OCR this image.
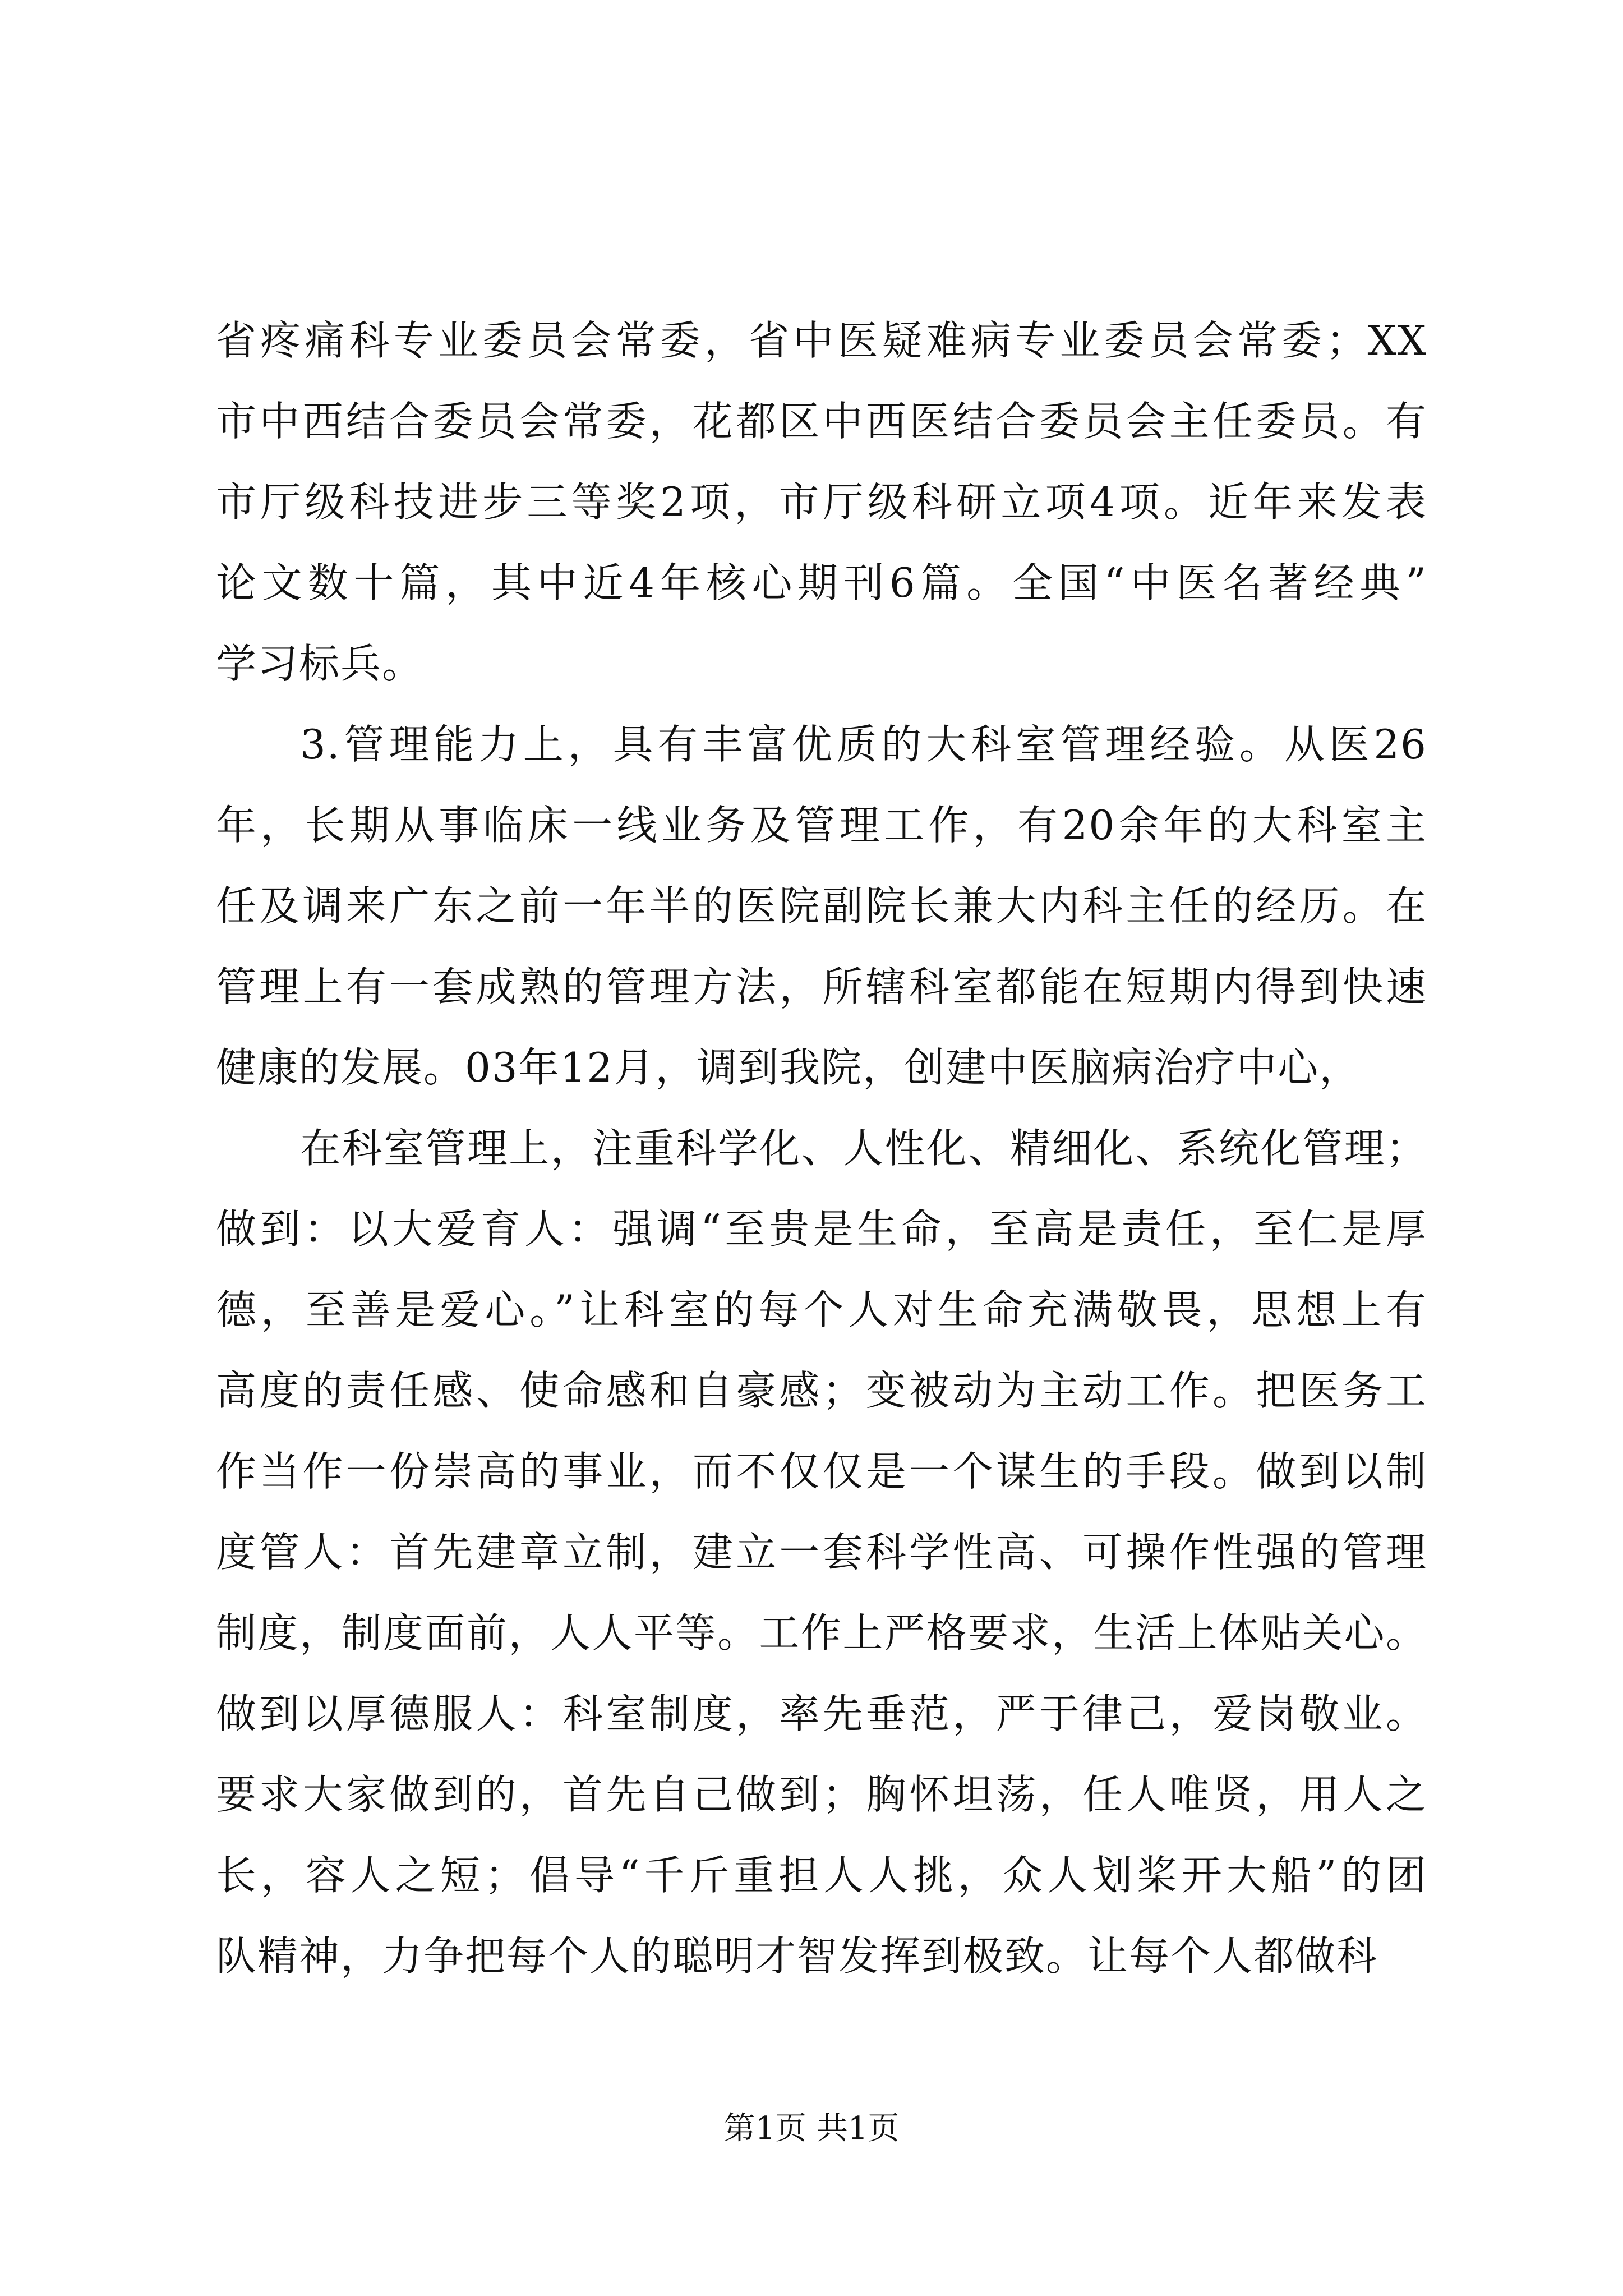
省疼痛科专业委员会常委，省中医疑难病专业委员会常委；XX
市中西结合委员会常委，花都区中西医结合委员会主任委员。有
市厅级科技进步三等奖2项，市厅级科研立项4项。近年来发表
论文数十篇，其中近4年核心期刊6篇。全国“中医名著经典”
学习标兵。
3.管理能力上，具有丰富优质的大科室管理经验。从医26
年，长期从事临床一线业务及管理工作，有20余年的大科室主
任及调来广东之前一年半的医院副院长兼大内科主任的经历。在
管理上有一套成熟的管理方法，所辖科室都能在短期内得到快速
健康的发展。03年12月，调到我院，创建中医脑病治疗中心，
在科室管理上，注重科学化、人性化、精细化、系统化管理；
做到：以大爱育人：强调“至贵是生命，至高是责任，至仁是厚
德，至善是爱心。”让科室的每个人对生命充满敬畏，思想上有
高度的责任感、使命感和自豪感；变被动为主动工作。把医务工
作当作一份崇高的事业，而不仅仅是一个谋生的手段。做到以制
度管人：首先建章立制，建立一套科学性高、可操作性强的管理
制度，制度面前，人人平等。工作上严格要求，生活上体贴关心。
做到以厚德服人：科室制度，率先垂范，严于律己，爱岗敬业。
要求大家做到的，首先自己做到；胸怀坦荡，任人唯贤，用人之
长，容人之短；倡导“千斤重担人人挑，众人划桨开大船”的团
队精神，力争把每个人的聪明才智发挥到极致。让每个人都做科
第1页 共1页
